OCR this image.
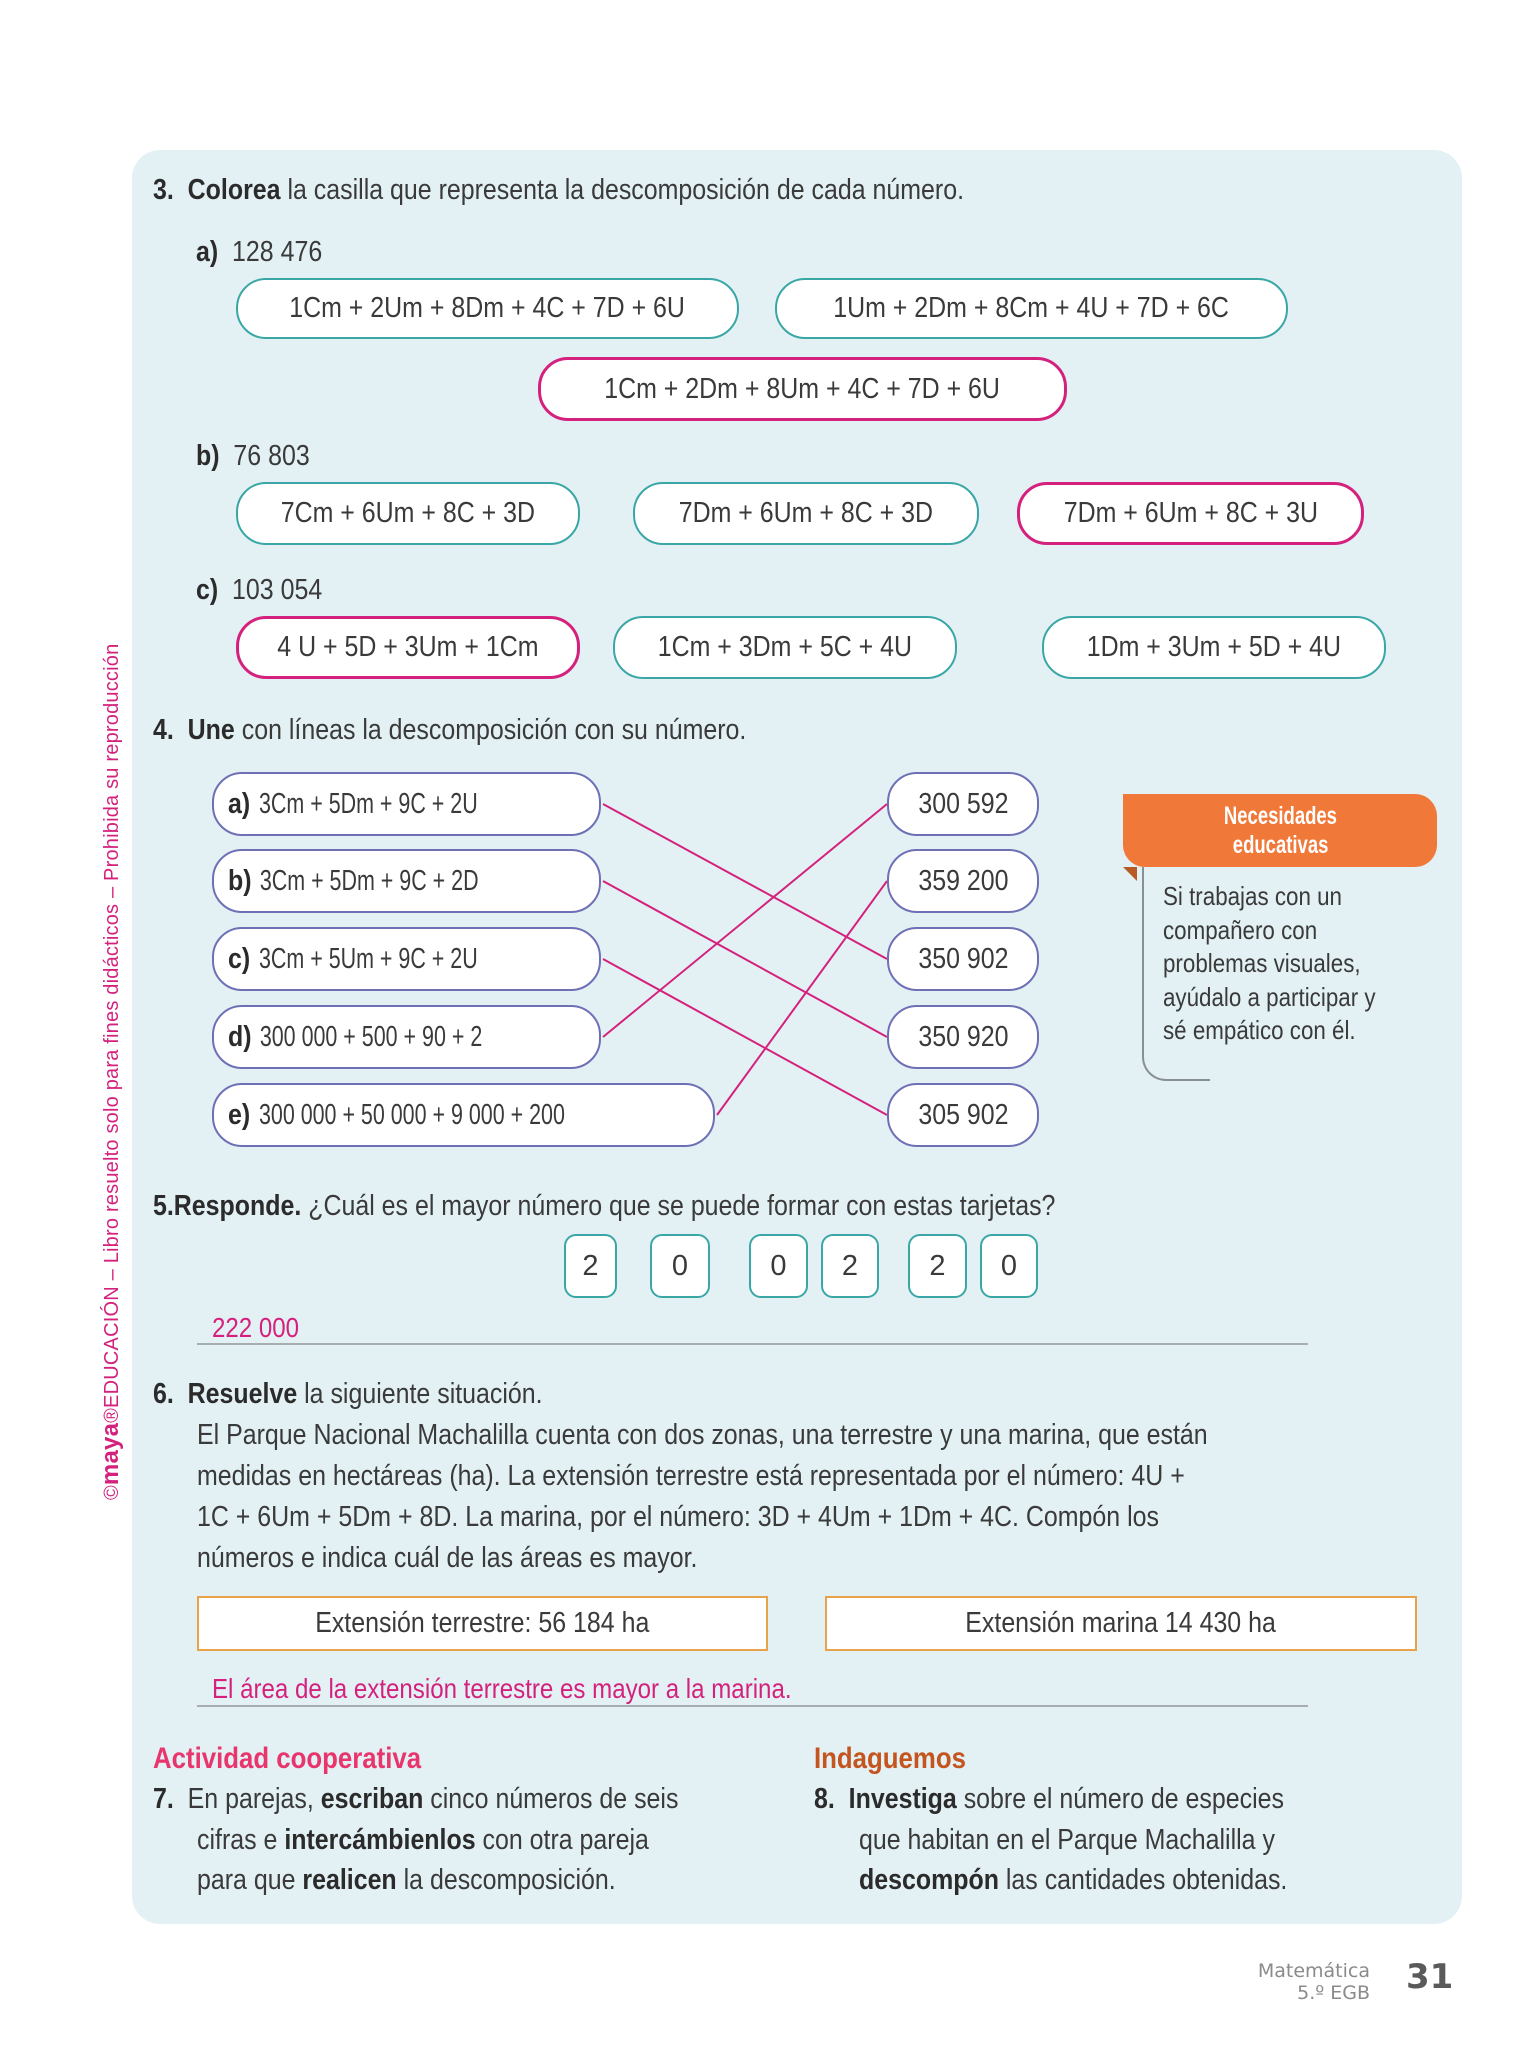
©maya®EDUCACIÓN – Libro resuelto solo para fines didácticos – Prohibida su reproducción
3. Colorea la casilla que representa la descomposición de cada número.
a) 128 476
1Cm + 2Um + 8Dm + 4C + 7D + 6U	1Um + 2Dm + 8Cm + 4U + 7D + 6C
1Cm + 2Dm + 8Um + 4C + 7D + 6U
b) 76 803
7Cm + 6Um + 8C + 3D	7Dm + 6Um + 8C + 3D	7Dm + 6Um + 8C + 3U
c) 103 054
4 U + 5D + 3Um + 1Cm	1Cm + 3Dm + 5C + 4U	1Dm + 3Um + 5D + 4U
4. Une con líneas la descomposición con su número.
a) 3Cm + 5Dm + 9C + 2U
b) 3Cm + 5Dm + 9C + 2D
c) 3Cm + 5Um + 9C + 2U
d) 300 000 + 500 + 90 + 2
e) 300 000 + 50 000 + 9 000 + 200
300 592
359 200
350 902
350 920
305 902
Necesidades
educativas
Si trabajas con un
compañero con
problemas visuales,
ayúdalo a participar y
sé empático con él.
5.Responde. ¿Cuál es el mayor número que se puede formar con estas tarjetas?
2	0	0 2 2 0
222 000
6. Resuelve la siguiente situación.
El Parque Nacional Machalilla cuenta con dos zonas, una terrestre y una marina, que están
medidas en hectáreas (ha). La extensión terrestre está representada por el número: 4U +
1C + 6Um + 5Dm + 8D. La marina, por el número: 3D + 4Um + 1Dm + 4C. Compón los
números e indica cuál de las áreas es mayor.
Extensión terrestre: 56 184 ha	Extensión marina 14 430 ha
El área de la extensión terrestre es mayor a la marina.
Actividad cooperativa
7. En parejas, escriban cinco números de seis
cifras e intercámbienlos con otra pareja
para que realicen la descomposición.
Indaguemos
8. Investiga sobre el número de especies
que habitan en el Parque Machalilla y
descompón las cantidades obtenidas.
Matemática
5.º EGB 31
